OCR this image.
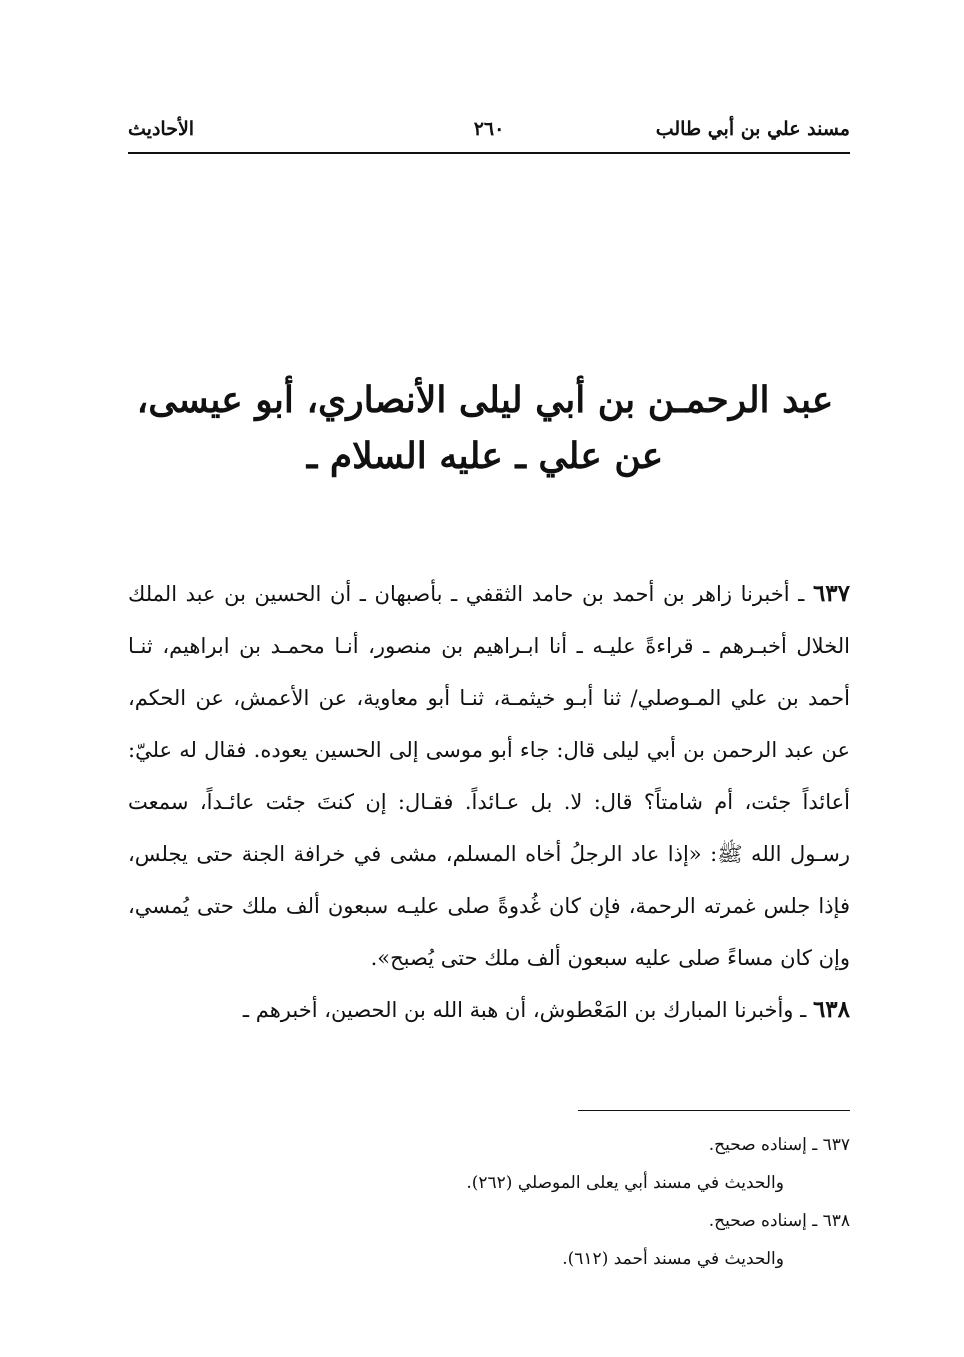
مسند علي بن أبي طالب
٢٦٠
الأحاديث
عبد الرحمـن بن أبي ليلى الأنصاري، أبو عيسى،
عن علي ـ عليه السلام ـ

٦٣٧ ـ أخبرنا زاهر بن أحمد بن حامد الثقفي ـ بأصبهان ـ أن الحسين بن عبد الملك الخلال أخبـرهم ـ قراءةً عليـه ـ أنا ابـراهيم بن منصور، أنـا محمـد بن ابراهيم، ثنـا أحمد بن علي المـوصلي/ ثنا أبـو خيثمـة، ثنـا أبو معاوية، عن الأعمش، عن الحكم، عن عبد الرحمن بن أبي ليلى قال: جاء أبو موسى إلى الحسين يعوده. فقال له عليّ: أعائداً جئت، أم شامتاً؟ قال: لا. بل عـائداً. فقـال: إن كنتَ جئت عائـداً، سمعت رسـول الله ﷺ: «إذا عاد الرجلُ أخاه المسلم، مشى في خرافة الجنة حتى يجلس، فإذا جلس غمرته الرحمة، فإن كان غُدوةً صلى عليـه سبعون ألف ملك حتى يُمسي، وإن كان مساءً صلى عليه سبعون ألف ملك حتى يُصبح».

٦٣٨ ـ وأخبرنا المبارك بن المَعْطوش، أن هبة الله بن الحصين، أخبرهم ـ

٦٣٧ ـ إسناده صحيح.
والحديث في مسند أبي يعلى الموصلي (٢٦٢).
٦٣٨ ـ إسناده صحيح.
والحديث في مسند أحمد (٦١٢).
